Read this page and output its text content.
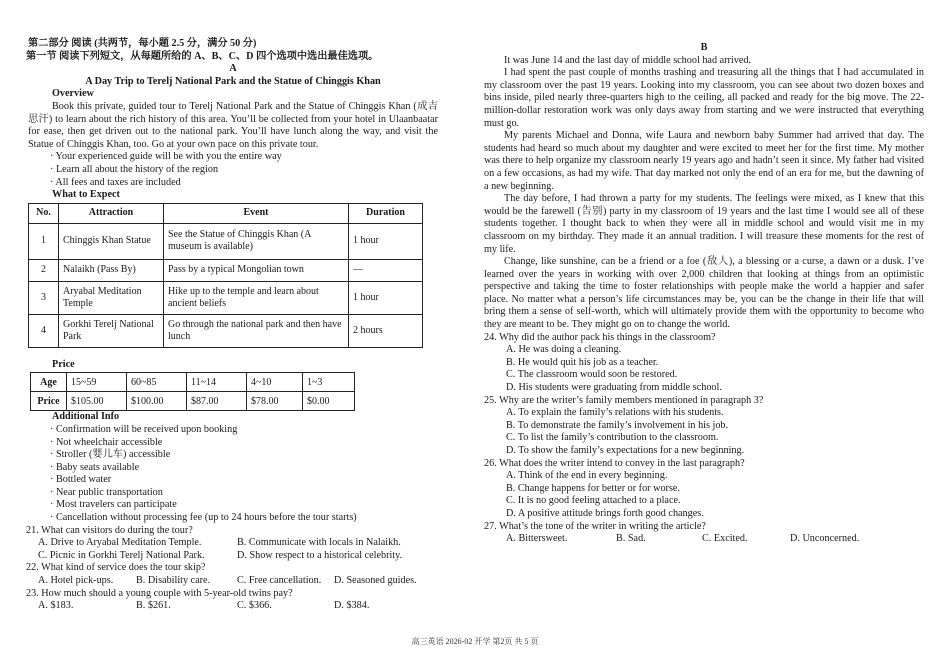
第二部分 阅读 (共两节，每小题 2.5 分，满分 50 分)
第一节 阅读下列短文，从每题所给的 A、B、C、D 四个选项中选出最佳选项。
A
A Day Trip to Terelj National Park and the Statue of Chinggis Khan
Overview
Book this private, guided tour to Terelj National Park and the Statue of Chinggis Khan (成吉思汗) to learn about the rich history of this area. You’ll be collected from your hotel in Ulaanbaatar for ease, then get driven out to the national park. You’ll have lunch along the way, and visit the Statue of Chinggis Khan, too. Go at your own pace on this private tour.
· Your experienced guide will be with you the entire way
· Learn all about the history of the region
· All fees and taxes are included
What to Expect
No.	Attraction	Event	Duration
1	Chinggis Khan Statue	See the Statue of Chinggis Khan (A museum is available)	1 hour
2	Nalaikh (Pass By)	Pass by a typical Mongolian town	—
3	Aryabal Meditation Temple	Hike up to the temple and learn about ancient beliefs	1 hour
4	Gorkhi Terelj National Park	Go through the national park and then have lunch	2 hours
Price
Age	15~59	60~85	11~14	4~10	1~3
Price	$105.00	$100.00	$87.00	$78.00	$0.00
Additional Info
· Confirmation will be received upon booking
· Not wheelchair accessible
· Stroller (婴儿车) accessible
· Baby seats available
· Bottled water
· Near public transportation
· Most travelers can participate
· Cancellation without processing fee (up to 24 hours before the tour starts)
21. What can visitors do during the tour?
A. Drive to Aryabal Meditation Temple.	B. Communicate with locals in Nalaikh.
C. Picnic in Gorkhi Terelj National Park.	D. Show respect to a historical celebrity.
22. What kind of service does the tour skip?
A. Hotel pick-ups.	B. Disability care.	C. Free cancellation.	D. Seasoned guides.
23. How much should a young couple with 5-year-old twins pay?
A. $183.	B. $261.	C. $366.	D. $384.
B
It was June 14 and the last day of middle school had arrived.
I had spent the past couple of months trashing and treasuring all the things that I had accumulated in my classroom over the past 19 years. Looking into my classroom, you can see about two dozen boxes and bins inside, piled nearly three-quarters high to the ceiling, all packed and ready for the big move. The 22-million-dollar restoration work was only days away from starting and we were instructed that everything must go.
My parents Michael and Donna, wife Laura and newborn baby Summer had arrived that day. The students had heard so much about my daughter and were excited to meet her for the first time. My mother was there to help organize my classroom nearly 19 years ago and hadn’t seen it since. My father had visited on a few occasions, as had my wife. That day marked not only the end of an era for me, but the dawning of a new beginning.
The day before, I had thrown a party for my students. The feelings were mixed, as I knew that this would be the farewell (告别) party in my classroom of 19 years and the last time I would see all of these students together. I thought back to when they were all in middle school and would visit me in my classroom on my birthday. They made it an annual tradition. I will treasure these moments for the rest of my life.
Change, like sunshine, can be a friend or a foe (敌人), a blessing or a curse, a dawn or a dusk. I’ve learned over the years in working with over 2,000 children that looking at things from an optimistic perspective and taking the time to foster relationships with people make the world a happier and safer place. No matter what a person’s life circumstances may be, you can be the change in their life that will bring them a sense of self-worth, which will ultimately provide them with the opportunity to become who they are meant to be. They might go on to change the world.
24. Why did the author pack his things in the classroom?
A. He was doing a cleaning.
B. He would quit his job as a teacher.
C. The classroom would soon be restored.
D. His students were graduating from middle school.
25. Why are the writer’s family members mentioned in paragraph 3?
A. To explain the family’s relations with his students.
B. To demonstrate the family’s involvement in his job.
C. To list the family’s contribution to the classroom.
D. To show the family’s expectations for a new beginning.
26. What does the writer intend to convey in the last paragraph?
A. Think of the end in every beginning.
B. Change happens for better or for worse.
C. It is no good feeling attached to a place.
D. A positive attitude brings forth good changes.
27. What’s the tone of the writer in writing the article?
A. Bittersweet.	B. Sad.	C. Excited.	D. Unconcerned.
高三英语 2026-02 开学 第2页 共 5 页
